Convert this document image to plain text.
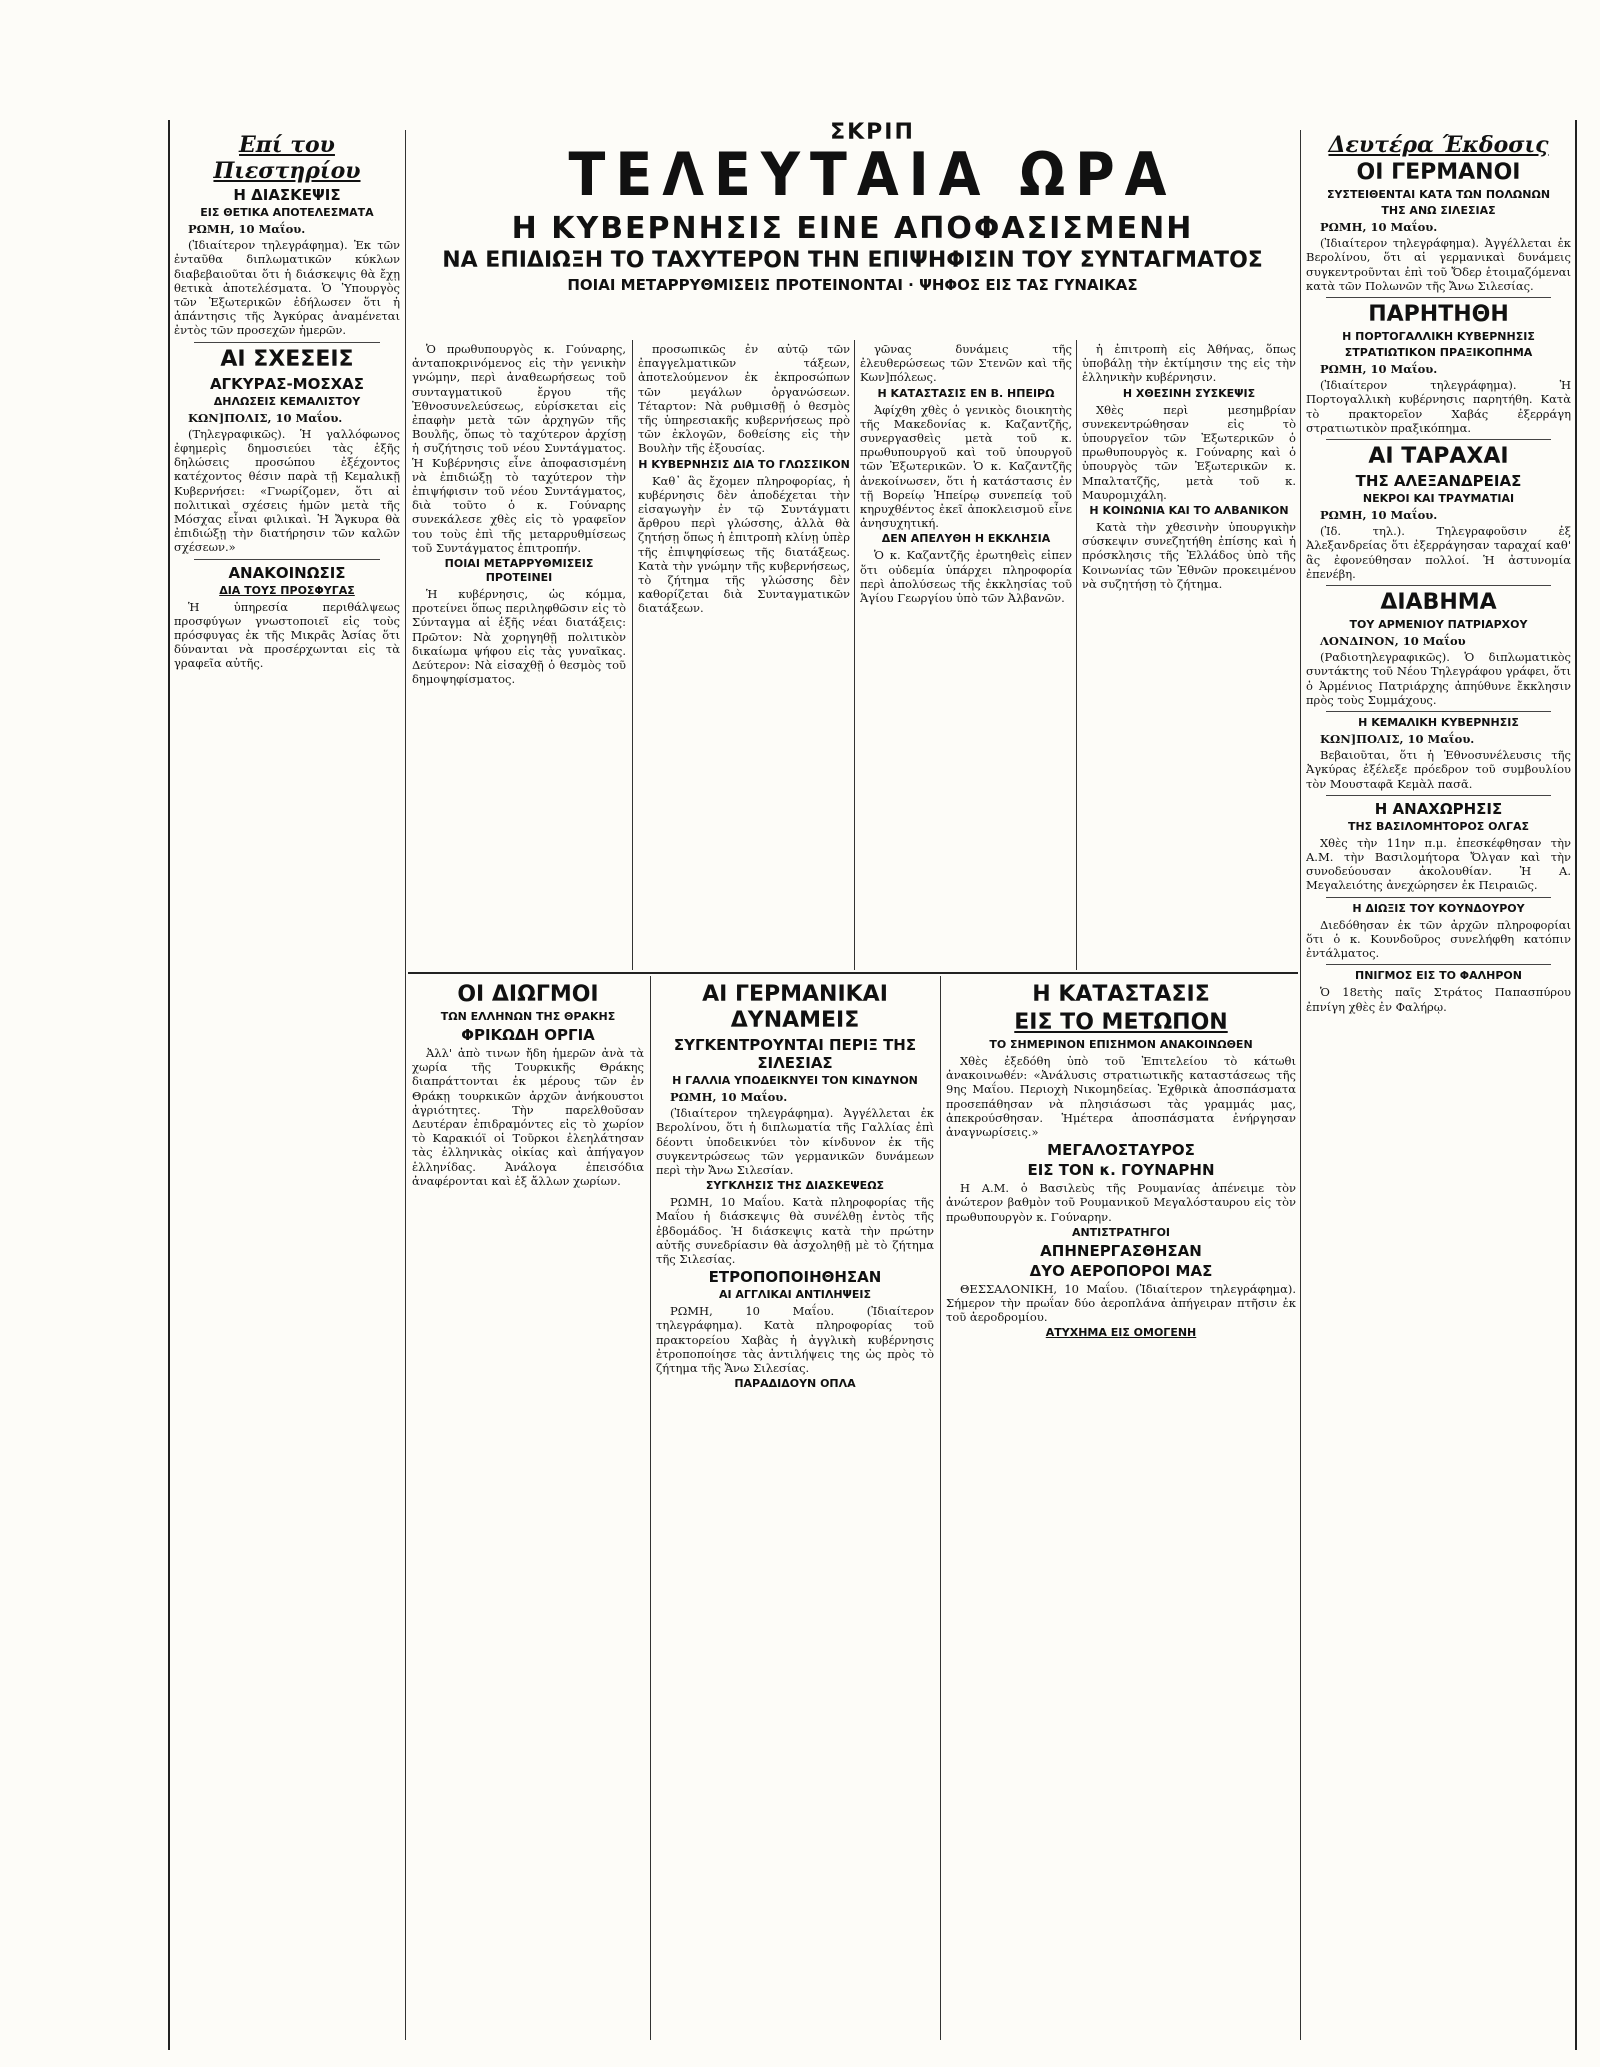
ΣΚΡΙΠ
ΤΕΛΕΥΤΑΙΑ ΩΡΑ
Επί του Πιεστηρίου
Η ΔΙΑΣΚΕΨΙΣ
ΕΙΣ ΘΕΤΙΚΑ ΑΠΟΤΕΛΕΣΜΑΤΑ

ΡΩΜΗ, 10 Μαΐου.

(Ἰδιαίτερον τηλεγράφημα). Ἐκ τῶν ἐνταῦθα διπλωματικῶν κύκλων διαβεβαιοῦται ὅτι ἡ διάσκεψις θὰ ἔχῃ θετικὰ ἀποτελέσματα. Ὁ Ὑπουργὸς τῶν Ἐξωτερικῶν ἐδήλωσεν ὅτι ἡ ἀπάντησις τῆς Ἀγκύρας ἀναμένεται ἐντὸς τῶν προσεχῶν ἡμερῶν.

ΑΙ ΣΧΕΣΕΙΣ
ΑΓΚΥΡΑΣ-ΜΟΣΧΑΣ
ΔΗΛΩΣΕΙΣ ΚΕΜΑΛΙΣΤΟΥ

ΚΩΝ]ΠΟΛΙΣ, 10 Μαΐου.

(Τηλεγραφικῶς). Ἡ γαλλόφωνος ἐφημερὶς δημοσιεύει τὰς ἑξῆς δηλώσεις προσώπου ἐξέχοντος κατέχοντος θέσιν παρὰ τῇ Κεμαλικῇ Κυβερνήσει: «Γνωρίζομεν, ὅτι αἱ πολιτικαὶ σχέσεις ἡμῶν μετὰ τῆς Μόσχας εἶναι φιλικαὶ. Ἡ Ἄγκυρα θὰ ἐπιδιώξῃ τὴν διατήρησιν τῶν καλῶν σχέσεων.»

ΑΝΑΚΟΙΝΩΣΙΣ
ΔΙΑ ΤΟΥΣ ΠΡΟΣΦΥΓΑΣ

Ἡ ὑπηρεσία περιθάλψεως προσφύγων γνωστοποιεῖ εἰς τοὺς πρόσφυγας ἐκ τῆς Μικρᾶς Ἀσίας ὅτι δύνανται νὰ προσέρχωνται εἰς τὰ γραφεῖα αὐτῆς.

Η ΚΥΒΕΡΝΗΣΙΣ ΕΙΝΕ ΑΠΟΦΑΣΙΣΜΕΝΗ
ΝΑ ΕΠΙΔΙΩΞΗ ΤΟ ΤΑΧΥΤΕΡΟΝ ΤΗΝ ΕΠΙΨΗΦΙΣΙΝ ΤΟΥ ΣΥΝΤΑΓΜΑΤΟΣ
ΠΟΙΑΙ ΜΕΤΑΡΡΥΘΜΙΣΕΙΣ ΠΡΟΤΕΙΝΟΝΤΑΙ · ΨΗΦΟΣ ΕΙΣ ΤΑΣ ΓΥΝΑΙΚΑΣ

Ὁ πρωθυπουργὸς κ. Γούναρης, ἀνταποκρινόμενος εἰς τὴν γενικὴν γνώμην, περὶ ἀναθεωρήσεως τοῦ συνταγματικοῦ ἔργου τῆς Ἐθνοσυνελεύσεως, εὑρίσκεται εἰς ἐπαφὴν μετὰ τῶν ἀρχηγῶν τῆς Βουλῆς, ὅπως τὸ ταχύτερον ἀρχίσῃ ἡ συζήτησις τοῦ νέου Συντάγματος. Ἡ Κυβέρνησις εἶνε ἀποφασισμένη νὰ ἐπιδιώξῃ τὸ ταχύτερον τὴν ἐπιψήφισιν τοῦ νέου Συντάγματος, διὰ τοῦτο ὁ κ. Γούναρης συνεκάλεσε χθὲς εἰς τὸ γραφεῖον του τοὺς ἐπὶ τῆς μεταρρυθμίσεως τοῦ Συντάγματος ἐπιτροπήν.

ΠΟΙΑΙ ΜΕΤΑΡΡΥΘΜΙΣΕΙΣ ΠΡΟΤΕΙΝΕΙ

Ἡ κυβέρνησις, ὡς κόμμα, προτείνει ὅπως περιληφθῶσιν εἰς τὸ Σύνταγμα αἱ ἑξῆς νέαι διατάξεις: Πρῶτον: Νὰ χορηγηθῇ πολιτικὸν δικαίωμα ψήφου εἰς τὰς γυναῖκας. Δεύτερον: Νὰ εἰσαχθῇ ὁ θεσμὸς τοῦ δημοψηφίσματος.

προσωπικῶς ἐν αὐτῷ τῶν ἐπαγγελματικῶν τάξεων, ἀποτελούμενον ἐκ ἐκπροσώπων τῶν μεγάλων ὀργανώσεων. Τέταρτον: Νὰ ρυθμισθῇ ὁ θεσμὸς τῆς ὑπηρεσιακῆς κυβερνήσεως πρὸ τῶν ἐκλογῶν, δοθείσης εἰς τὴν Βουλὴν τῆς ἐξουσίας.

Η ΚΥΒΕΡΝΗΣΙΣ ΔΙΑ ΤΟ ΓΛΩΣΣΙΚΟΝ

Καθ᾽ ἃς ἔχομεν πληροφορίας, ἡ κυβέρνησις δὲν ἀποδέχεται τὴν εἰσαγωγὴν ἐν τῷ Συντάγματι ἄρθρου περὶ γλώσσης, ἀλλὰ θὰ ζητήσῃ ὅπως ἡ ἐπιτροπὴ κλίνῃ ὑπὲρ τῆς ἐπιψηφίσεως τῆς διατάξεως. Κατὰ τὴν γνώμην τῆς κυβερνήσεως, τὸ ζήτημα τῆς γλώσσης δὲν καθορίζεται διὰ Συνταγματικῶν διατάξεων.

γῶνας δυνάμεις τῆς ἐλευθερώσεως τῶν Στενῶν καὶ τῆς Κων]πόλεως.

Η ΚΑΤΑΣΤΑΣΙΣ ΕΝ Β. ΗΠΕΙΡΩ

Ἀφίχθη χθὲς ὁ γενικὸς διοικητὴς τῆς Μακεδονίας κ. Καζαντζῆς, συνεργασθεὶς μετὰ τοῦ κ. πρωθυπουργοῦ καὶ τοῦ ὑπουργοῦ τῶν Ἐξωτερικῶν. Ὁ κ. Καζαντζῆς ἀνεκοίνωσεν, ὅτι ἡ κατάστασις ἐν τῇ Βορείῳ Ἠπείρῳ συνεπείᾳ τοῦ κηρυχθέντος ἐκεῖ ἀποκλεισμοῦ εἶνε ἀνησυχητική.

ΔΕΝ ΑΠΕΛΥΘΗ Η ΕΚΚΛΗΣΙΑ

Ὁ κ. Καζαντζῆς ἐρωτηθεὶς εἰπεν ὅτι οὐδεμία ὑπάρχει πληροφορία περὶ ἀπολύσεως τῆς ἐκκλησίας τοῦ Ἁγίου Γεωργίου ὑπὸ τῶν Ἀλβανῶν.

ἡ ἐπιτροπὴ εἰς Ἀθήνας, ὅπως ὑποβάλῃ τὴν ἐκτίμησιν της εἰς τὴν ἑλληνικὴν κυβέρνησιν.

Η ΧΘΕΣΙΝΗ ΣΥΣΚΕΨΙΣ

Χθὲς περὶ μεσημβρίαν συνεκεντρώθησαν εἰς τὸ ὑπουργεῖον τῶν Ἐξωτερικῶν ὁ πρωθυπουργὸς κ. Γούναρης καὶ ὁ ὑπουργὸς τῶν Ἐξωτερικῶν κ. Μπαλτατζῆς, μετὰ τοῦ κ. Μαυρομιχάλη.

Η ΚΟΙΝΩΝΙΑ ΚΑΙ ΤΟ ΑΛΒΑΝΙΚΟΝ

Κατὰ τὴν χθεσινὴν ὑπουργικὴν σύσκεψιν συνεζητήθη ἐπίσης καὶ ἡ πρόσκλησις τῆς Ἑλλάδος ὑπὸ τῆς Κοινωνίας τῶν Ἐθνῶν προκειμένου νὰ συζητήσῃ τὸ ζήτημα.

ΟΙ ΔΙΩΓΜΟΙ
ΤΩΝ ΕΛΛΗΝΩΝ ΤΗΣ ΘΡΑΚΗΣ
ΦΡΙΚΩΔΗ ΟΡΓΙΑ

Ἀλλ' ἀπὸ τινων ἤδη ἡμερῶν ἀνὰ τὰ χωρία τῆς Τουρκικῆς Θράκης διαπράττονται ἐκ μέρους τῶν ἐν Θράκῃ τουρκικῶν ἀρχῶν ἀνήκουστοι ἀγριότητες. Τὴν παρελθοῦσαν Δευτέραν ἐπιδραμόντες εἰς τὸ χωρίον τὸ Καρακιόϊ οἱ Τοῦρκοι ἐλεηλάτησαν τὰς ἑλληνικὰς οἰκίας καὶ ἀπήγαγον ἑλληνίδας. Ἀνάλογα ἐπεισόδια ἀναφέρονται καὶ ἐξ ἄλλων χωρίων.

ΑΙ ΓΕΡΜΑΝΙΚΑΙ ΔΥΝΑΜΕΙΣ
ΣΥΓΚΕΝΤΡΟΥΝΤΑΙ ΠΕΡΙΞ ΤΗΣ ΣΙΛΕΣΙΑΣ
Η ΓΑΛΛΙΑ ΥΠΟΔΕΙΚΝΥΕΙ ΤΟΝ ΚΙΝΔΥΝΟΝ

ΡΩΜΗ, 10 Μαΐου.

(Ἰδιαίτερον τηλεγράφημα). Ἀγγέλλεται ἐκ Βερολίνου, ὅτι ἡ διπλωματία τῆς Γαλλίας ἐπὶ δέοντι ὑποδεικνύει τὸν κίνδυνον ἐκ τῆς συγκεντρώσεως τῶν γερμανικῶν δυνάμεων περὶ τὴν Ἄνω Σιλεσίαν.

ΣΥΓΚΛΗΣΙΣ ΤΗΣ ΔΙΑΣΚΕΨΕΩΣ

ΡΩΜΗ, 10 Μαΐου. Κατὰ πληροφορίας τῆς Μαΐου ἡ διάσκεψις θὰ συνέλθῃ ἐντὸς τῆς ἑβδομάδος. Ἡ διάσκεψις κατὰ τὴν πρώτην αὐτῆς συνεδρίασιν θὰ ἀσχοληθῇ μὲ τὸ ζήτημα τῆς Σιλεσίας.

ΕΤΡΟΠΟΠΟΙΗΘΗΣΑΝ
ΑΙ ΑΓΓΛΙΚΑΙ ΑΝΤΙΛΗΨΕΙΣ

ΡΩΜΗ, 10 Μαΐου. (Ἰδιαίτερον τηλεγράφημα). Κατὰ πληροφορίας τοῦ πρακτορείου Χαβὰς ἡ ἀγγλικὴ κυβέρνησις ἐτροποποίησε τὰς ἀντιλήψεις της ὡς πρὸς τὸ ζήτημα τῆς Ἄνω Σιλεσίας.

ΠΑΡΑΔΙΔΟΥΝ ΟΠΛΑ
Η ΚΑΤΑΣΤΑΣΙΣ
ΕΙΣ ΤΟ ΜΕΤΩΠΟΝ
ΤΟ ΣΗΜΕΡΙΝΟΝ ΕΠΙΣΗΜΟΝ ΑΝΑΚΟΙΝΩΘΕΝ

Χθὲς ἐξεδόθη ὑπὸ τοῦ Ἐπιτελείου τὸ κάτωθι ἀνακοινωθέν: «Ἀνάλυσις στρατιωτικῆς καταστάσεως τῆς 9ης Μαΐου. Περιοχὴ Νικομηδείας. Ἐχθρικὰ ἀποσπάσματα προσεπάθησαν νὰ πλησιάσωσι τὰς γραμμάς μας, ἀπεκρούσθησαν. Ἡμέτερα ἀποσπάσματα ἐνήργησαν ἀναγνωρίσεις.»

ΜΕΓΑΛΟΣΤΑΥΡΟΣ
ΕΙΣ ΤΟΝ κ. ΓΟΥΝΑΡΗΝ

Η Α.Μ. ὁ Βασιλεὺς τῆς Ρουμανίας ἀπένειμε τὸν ἀνώτερον βαθμὸν τοῦ Ρουμανικοῦ Μεγαλόσταυρου εἰς τὸν πρωθυπουργὸν κ. Γούναρην.

ΑΝΤΙΣΤΡΑΤΗΓΟΙ
ΑΠΗΝΕΡΓΑΣΘΗΣΑΝ
ΔΥΟ ΑΕΡΟΠΟΡΟΙ ΜΑΣ

ΘΕΣΣΑΛΟΝΙΚΗ, 10 Μαΐου. (Ἰδιαίτερον τηλεγράφημα). Σήμερον τὴν πρωΐαν δύο ἀεροπλάνα ἀπήγειραν πτῆσιν ἐκ τοῦ ἀεροδρομίου.

ΑΤΥΧΗΜΑ ΕΙΣ ΟΜΟΓΕΝΗ
Δευτέρα Έκδοσις
ΟΙ ΓΕΡΜΑΝΟΙ
ΣΥΣΤΕΙΘΕΝΤΑΙ ΚΑΤΑ ΤΩΝ ΠΟΛΩΝΩΝ
ΤΗΣ ΑΝΩ ΣΙΛΕΣΙΑΣ

ΡΩΜΗ, 10 Μαΐου.

(Ἰδιαίτερον τηλεγράφημα). Ἀγγέλλεται ἐκ Βερολίνου, ὅτι αἱ γερμανικαὶ δυνάμεις συγκεντροῦνται ἐπὶ τοῦ Ὄδερ ἑτοιμαζόμεναι κατὰ τῶν Πολωνῶν τῆς Ἄνω Σιλεσίας.

ΠΑΡΗΤΗΘΗ
Η ΠΟΡΤΟΓΑΛΛΙΚΗ ΚΥΒΕΡΝΗΣΙΣ
ΣΤΡΑΤΙΩΤΙΚΟΝ ΠΡΑΞΙΚΟΠΗΜΑ

ΡΩΜΗ, 10 Μαΐου.

(Ἰδιαίτερον τηλεγράφημα). Ἡ Πορτογαλλικὴ κυβέρνησις παρητήθη. Κατὰ τὸ πρακτορεῖον Χαβάς ἐξερράγη στρατιωτικὸν πραξικόπημα.

ΑΙ ΤΑΡΑΧΑΙ
ΤΗΣ ΑΛΕΞΑΝΔΡΕΙΑΣ
ΝΕΚΡΟΙ ΚΑΙ ΤΡΑΥΜΑΤΙΑΙ

ΡΩΜΗ, 10 Μαΐου.

(Ἰδ. τηλ.). Τηλεγραφοῦσιν ἐξ Ἀλεξανδρείας ὅτι ἐξερράγησαν ταραχαί καθ' ἃς ἐφονεύθησαν πολλοί. Ἡ ἀστυνομία ἐπενέβη.

ΔΙΑΒΗΜΑ
ΤΟΥ ΑΡΜΕΝΙΟΥ ΠΑΤΡΙΑΡΧΟΥ

ΛΟΝΔΙΝΟΝ, 10 Μαΐου

(Ραδιοτηλεγραφικῶς). Ὁ διπλωματικὸς συντάκτης τοῦ Νέου Τηλεγράφου γράφει, ὅτι ὁ Ἀρμένιος Πατριάρχης ἀπηύθυνε ἔκκλησιν πρὸς τοὺς Συμμάχους.

Η ΚΕΜΑΛΙΚΗ ΚΥΒΕΡΝΗΣΙΣ

ΚΩΝ]ΠΟΛΙΣ, 10 Μαΐου.

Βεβαιοῦται, ὅτι ἡ Ἐθνοσυνέλευσις τῆς Ἀγκύρας ἐξέλεξε πρόεδρον τοῦ συμβουλίου τὸν Μουσταφᾶ Κεμὰλ πασᾶ.

Η ΑΝΑΧΩΡΗΣΙΣ
ΤΗΣ ΒΑΣΙΛΟΜΗΤΟΡΟΣ ΟΛΓΑΣ

Χθὲς τὴν 11ην π.μ. ἐπεσκέφθησαν τὴν Α.Μ. τὴν Βασιλομήτορα Ὄλγαν καὶ τὴν συνοδεύουσαν ἀκολουθίαν. Ἡ Α. Μεγαλειότης ἀνεχώρησεν ἐκ Πειραιῶς.

Η ΔΙΩΞΙΣ ΤΟΥ ΚΟΥΝΔΟΥΡΟΥ

Διεδόθησαν ἐκ τῶν ἀρχῶν πληροφορίαι ὅτι ὁ κ. Κουνδοῦρος συνελήφθη κατόπιν ἐντάλματος.

ΠΝΙΓΜΟΣ ΕΙΣ ΤΟ ΦΑΛΗΡΟΝ

Ὁ 18ετὴς παῖς Στράτος Παπασπύρου ἐπνίγη χθὲς ἐν Φαλήρῳ.
